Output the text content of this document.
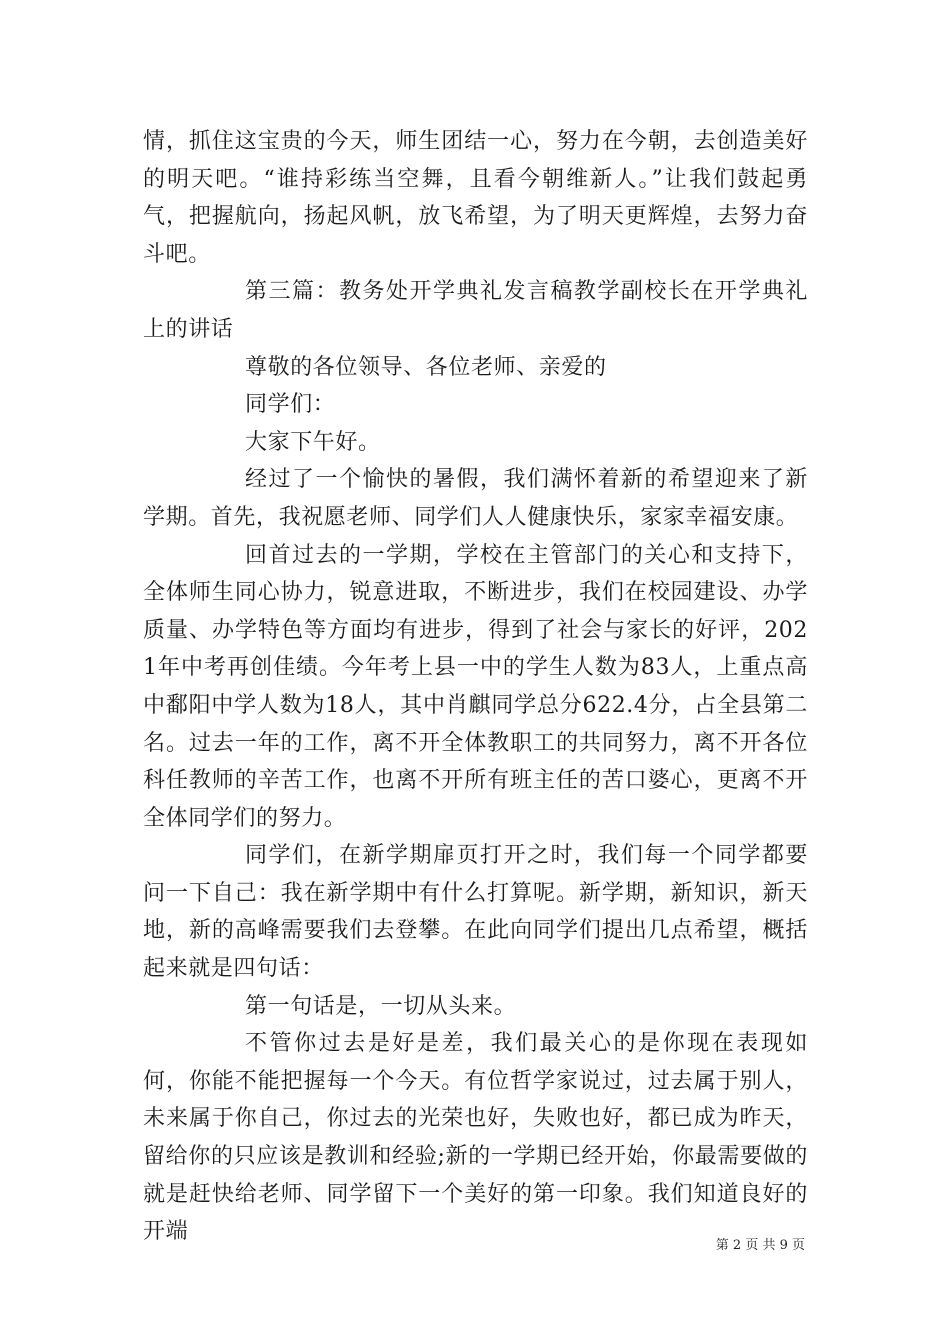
情，抓住这宝贵的今天，师生团结一心，努力在今朝，去创造美好的明天吧。“谁持彩练当空舞，且看今朝维新人。”让我们鼓起勇气，把握航向，扬起风帆，放飞希望，为了明天更辉煌，去努力奋斗吧。

第三篇：教务处开学典礼发言稿教学副校长在开学典礼上的讲话

尊敬的各位领导、各位老师、亲爱的

同学们：

大家下午好。

经过了一个愉快的暑假，我们满怀着新的希望迎来了新学期。首先，我祝愿老师、同学们人人健康快乐，家家幸福安康。

回首过去的一学期，学校在主管部门的关心和支持下，全体师生同心协力，锐意进取，不断进步，我们在校园建设、办学质量、办学特色等方面均有进步，得到了社会与家长的好评，2021年中考再创佳绩。今年考上县一中的学生人数为83人，上重点高中鄱阳中学人数为18人，其中肖麒同学总分622.4分，占全县第二名。过去一年的工作，离不开全体教职工的共同努力，离不开各位科任教师的辛苦工作，也离不开所有班主任的苦口婆心，更离不开全体同学们的努力。

同学们，在新学期扉页打开之时，我们每一个同学都要问一下自己：我在新学期中有什么打算呢。新学期，新知识，新天地，新的高峰需要我们去登攀。在此向同学们提出几点希望，概括起来就是四句话：

第一句话是，一切从头来。

不管你过去是好是差，我们最关心的是你现在表现如何，你能不能把握每一个今天。有位哲学家说过，过去属于别人，未来属于你自己，你过去的光荣也好，失败也好，都已成为昨天，留给你的只应该是教训和经验;新的一学期已经开始，你最需要做的就是赶快给老师、同学留下一个美好的第一印象。我们知道良好的开端

第 2 页 共 9 页
